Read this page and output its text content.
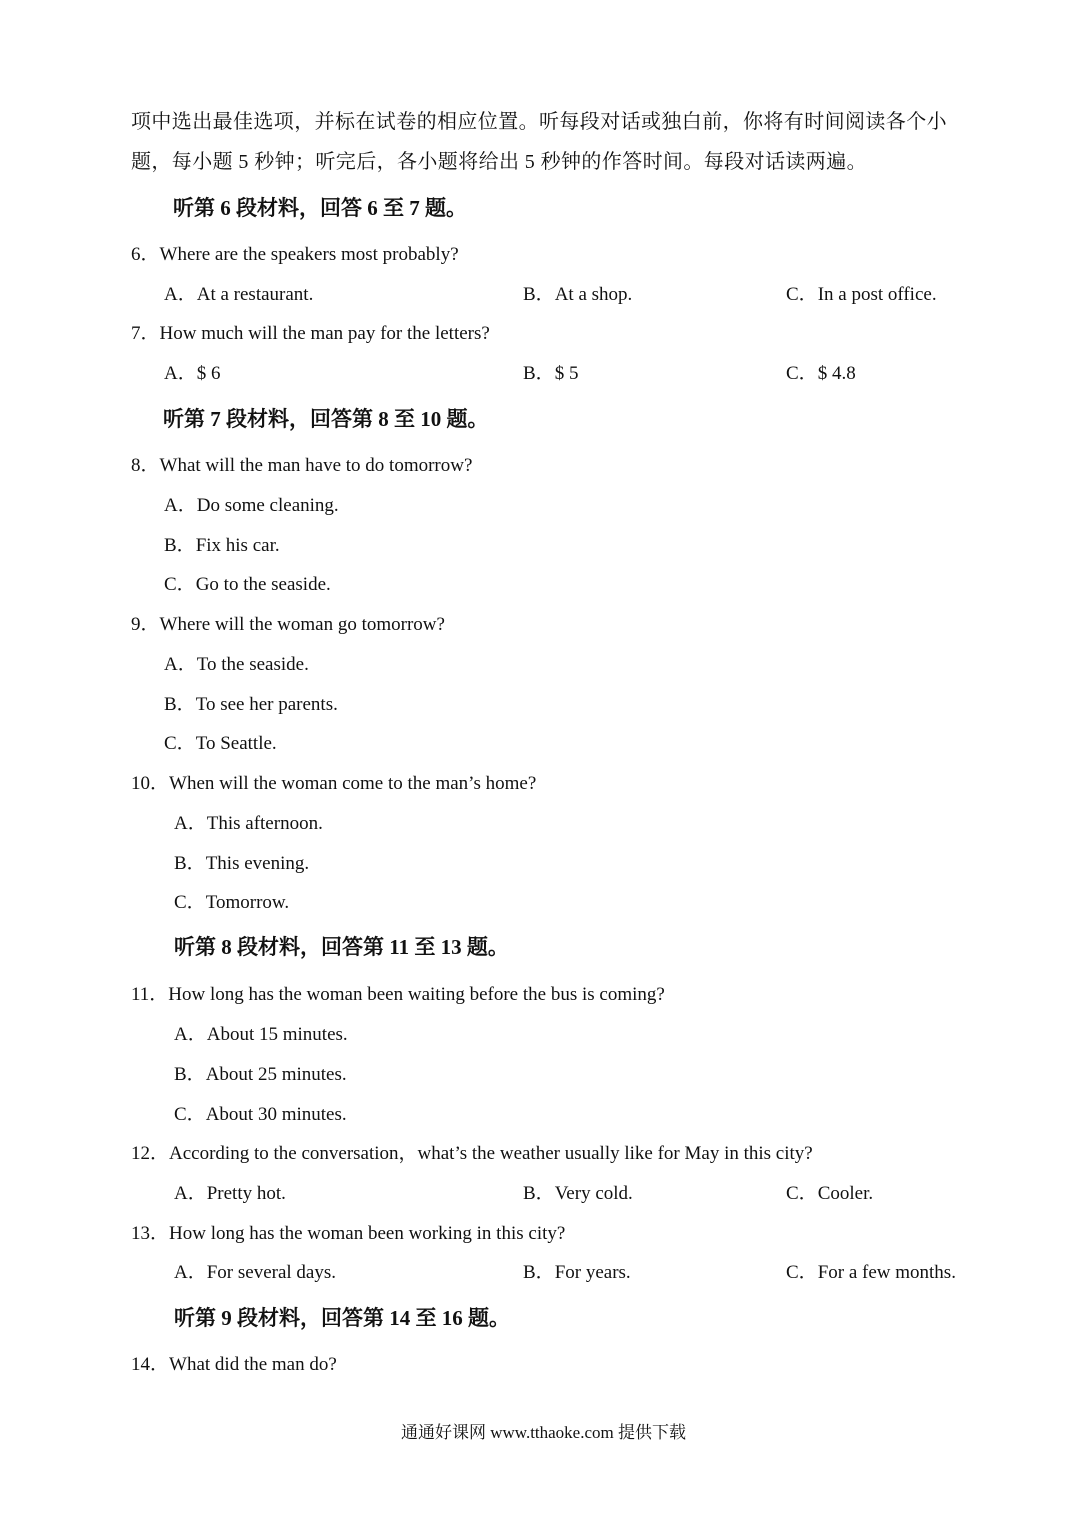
项中选出最佳选项，并标在试卷的相应位置。听每段对话或独白前，你将有时间阅读各个小
题，每小题 5 秒钟；听完后，各小题将给出 5 秒钟的作答时间。每段对话读两遍。
听第 6 段材料，回答 6 至 7 题。
6．Where are the speakers most probably?
A．At a restaurant.	B．At a shop.	C．In a post office.
7．How much will the man pay for the letters?
A．$ 6	B．$ 5	C．$ 4.8
听第 7 段材料，回答第 8 至 10 题。
8．What will the man have to do tomorrow?
A．Do some cleaning.
B．Fix his car.
C．Go to the seaside.
9．Where will the woman go tomorrow?
A．To the seaside.
B．To see her parents.
C．To Seattle.
10．When will the woman come to the man’s home?
A．This afternoon.
B．This evening.
C．Tomorrow.
听第 8 段材料，回答第 11 至 13 题。
11．How long has the woman been waiting before the bus is coming?
A．About 15 minutes.
B．About 25 minutes.
C．About 30 minutes.
12．According to the conversation，what’s the weather usually like for May in this city?
A．Pretty hot.	B．Very cold.	C．Cooler.
13．How long has the woman been working in this city?
A．For several days.	B．For years.	C．For a few months.
听第 9 段材料，回答第 14 至 16 题。
14．What did the man do?
通通好课网 www.tthaoke.com 提供下载
